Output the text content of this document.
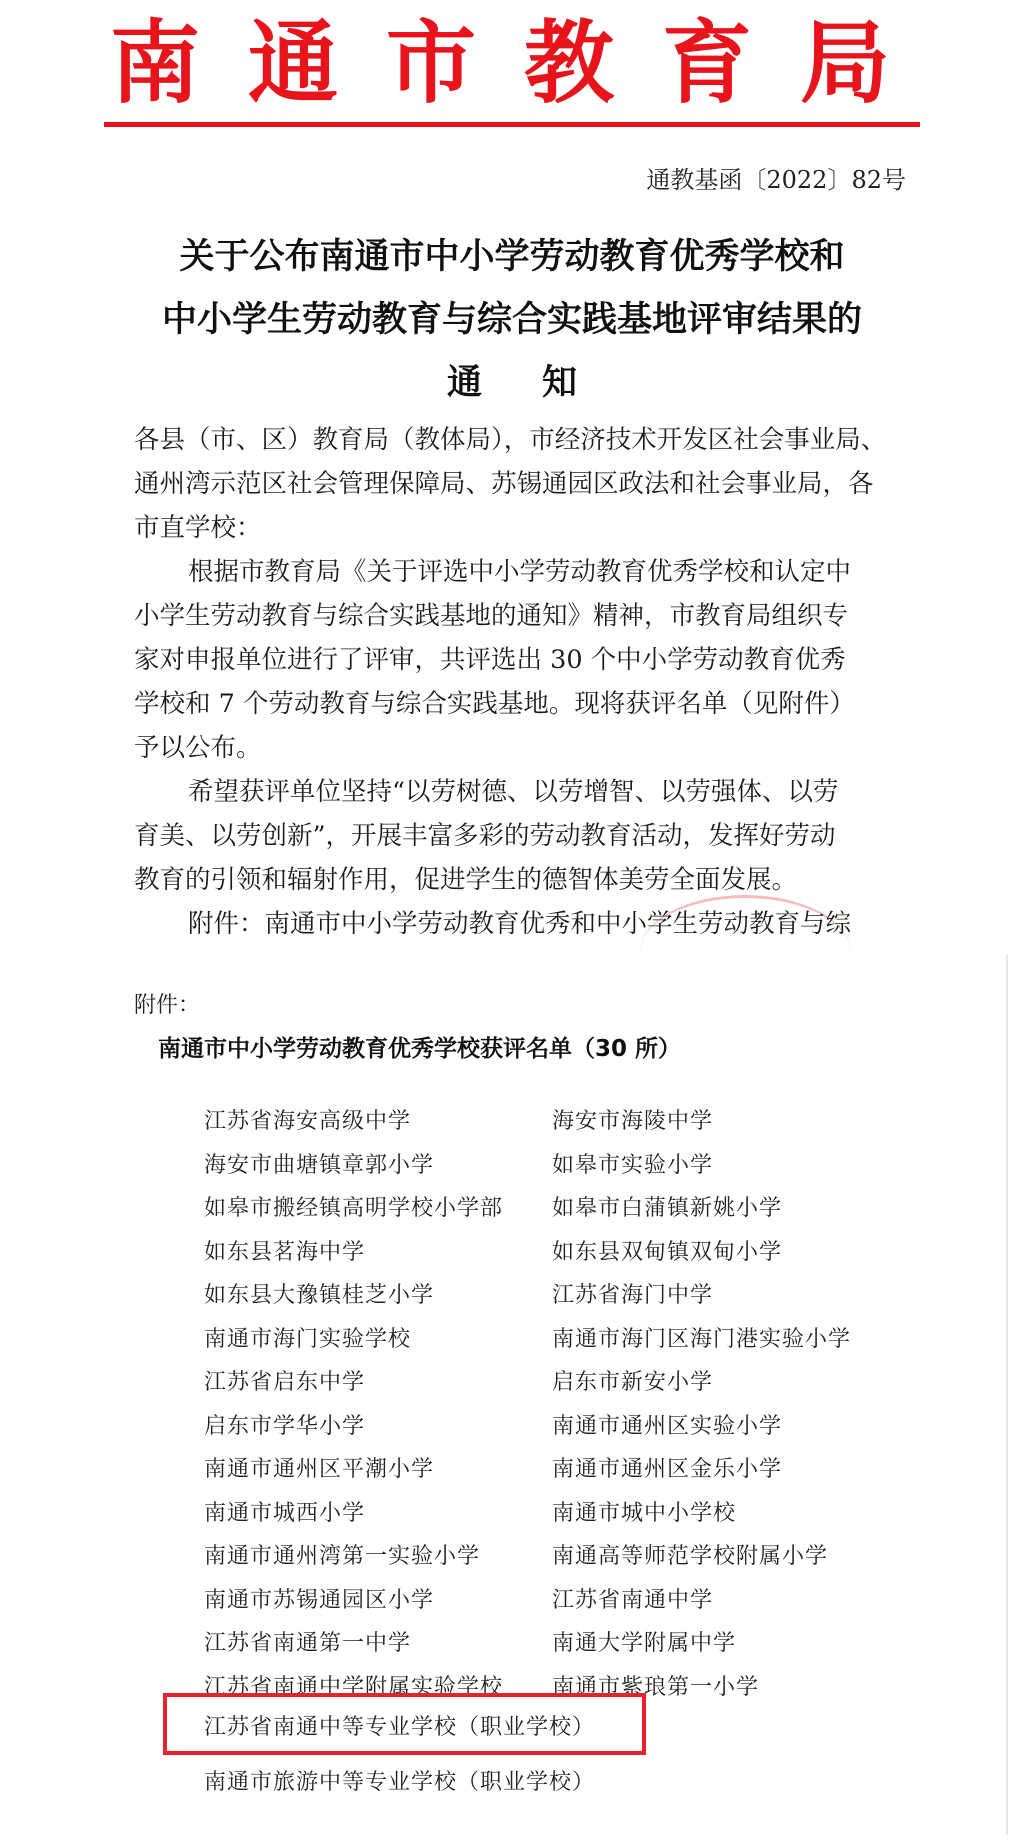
南 通 市 教 育 局
通教基函〔2022〕82号
关于公布南通市中小学劳动教育优秀学校和
中小学生劳动教育与综合实践基地评审结果的
通知
各县（市、区）教育局（教体局），市经济技术开发区社会事业局、
通州湾示范区社会管理保障局、苏锡通园区政法和社会事业局，各
市直学校：
根据市教育局《关于评选中小学劳动教育优秀学校和认定中
小学生劳动教育与综合实践基地的通知》精神，市教育局组织专
家对申报单位进行了评审，共评选出 30 个中小学劳动教育优秀
学校和 7 个劳动教育与综合实践基地。现将获评名单（见附件）
予以公布。
希望获评单位坚持“以劳树德、以劳增智、以劳强体、以劳
育美、以劳创新”，开展丰富多彩的劳动教育活动，发挥好劳动
教育的引领和辐射作用，促进学生的德智体美劳全面发展。
附件：南通市中小学劳动教育优秀和中小学生劳动教育与综
附件：
南通市中小学劳动教育优秀学校获评名单（30 所）
江苏省海安高级中学	海安市海陵中学
海安市曲塘镇章郭小学	如皋市实验小学
如皋市搬经镇高明学校小学部	如皋市白蒲镇新姚小学
如东县茗海中学	如东县双甸镇双甸小学
如东县大豫镇桂芝小学	江苏省海门中学
南通市海门实验学校	南通市海门区海门港实验小学
江苏省启东中学	启东市新安小学
启东市学华小学	南通市通州区实验小学
南通市通州区平潮小学	南通市通州区金乐小学
南通市城西小学	南通市城中小学校
南通市通州湾第一实验小学	南通高等师范学校附属小学
南通市苏锡通园区小学	江苏省南通中学
江苏省南通第一中学	南通大学附属中学
江苏省南通中学附属实验学校	南通市紫琅第一小学
江苏省南通中等专业学校（职业学校）
南通市旅游中等专业学校（职业学校）
